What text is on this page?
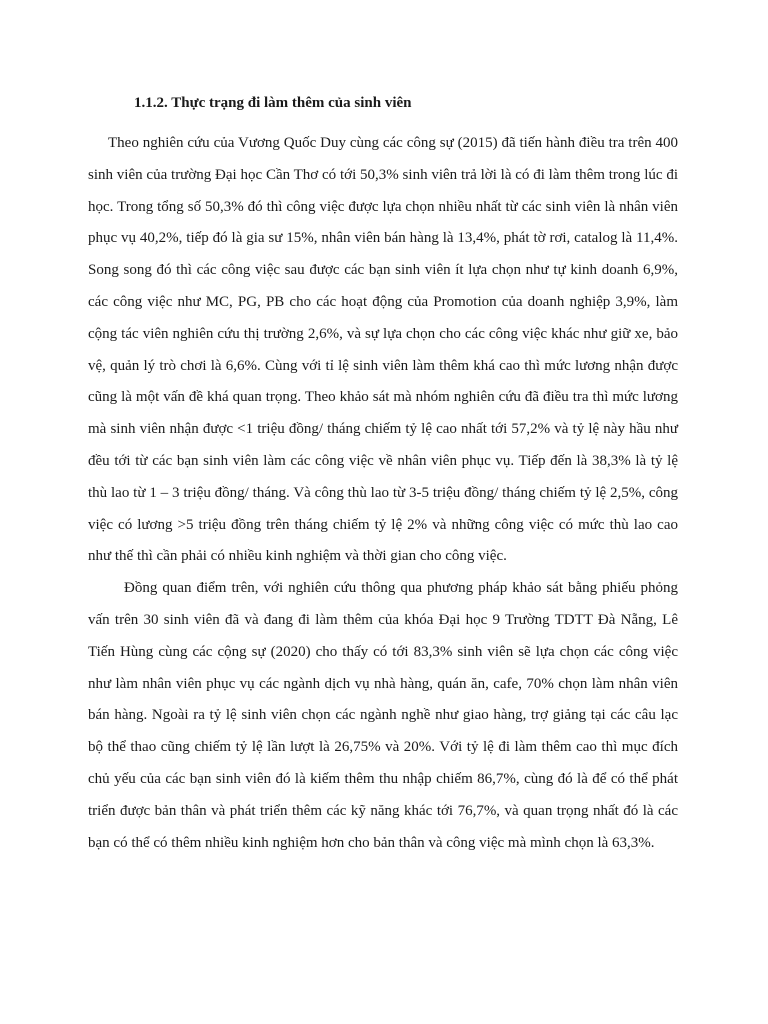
1.1.2. Thực trạng đi làm thêm của sinh viên

Theo nghiên cứu của Vương Quốc Duy cùng các công sự (2015) đã tiến hành điều tra trên 400 sinh viên của trường Đại học Cần Thơ có tới 50,3% sinh viên trả lời là có đi làm thêm trong lúc đi học. Trong tổng số 50,3% đó thì công việc được lựa chọn nhiều nhất từ các sinh viên là nhân viên phục vụ 40,2%, tiếp đó là gia sư 15%, nhân viên bán hàng là 13,4%, phát tờ rơi, catalog là 11,4%. Song song đó thì các công việc sau được các bạn sinh viên ít lựa chọn như tự kinh doanh 6,9%, các công việc như MC, PG, PB cho các hoạt động của Promotion của doanh nghiệp 3,9%, làm cộng tác viên nghiên cứu thị trường 2,6%, và sự lựa chọn cho các công việc khác như giữ xe, bảo vệ, quản lý trò chơi là 6,6%. Cùng với tỉ lệ sinh viên làm thêm khá cao thì mức lương nhận được cũng là một vấn đề khá quan trọng. Theo khảo sát mà nhóm nghiên cứu đã điều tra thì mức lương mà sinh viên nhận được <1 triệu đồng/ tháng chiếm tỷ lệ cao nhất tới 57,2% và tỷ lệ này hầu như đều tới từ các bạn sinh viên làm các công việc về nhân viên phục vụ. Tiếp đến là 38,3% là tỷ lệ thù lao từ 1 – 3 triệu đồng/ tháng. Và công thù lao từ 3-5 triệu đồng/ tháng chiếm tỷ lệ 2,5%, công việc có lương >5 triệu đồng trên tháng chiếm tỷ lệ 2% và những công việc có mức thù lao cao như thế thì cần phải có nhiều kinh nghiệm và thời gian cho công việc.

Đồng quan điểm trên, với nghiên cứu thông qua phương pháp khảo sát bằng phiếu phỏng vấn trên 30 sinh viên đã và đang đi làm thêm của khóa Đại học 9 Trường TDTT Đà Nẵng, Lê Tiến Hùng cùng các cộng sự (2020) cho thấy có tới 83,3% sinh viên sẽ lựa chọn các công việc như làm nhân viên phục vụ các ngành dịch vụ nhà hàng, quán ăn, cafe, 70% chọn làm nhân viên bán hàng. Ngoài ra tỷ lệ sinh viên chọn các ngành nghề như giao hàng, trợ giảng tại các câu lạc bộ thể thao cũng chiếm tỷ lệ lần lượt là 26,75% và 20%. Với tỷ lệ đi làm thêm cao thì mục đích chủ yếu của các bạn sinh viên đó là kiếm thêm thu nhập chiếm 86,7%, cùng đó là để có thể phát triển được bản thân và phát triển thêm các kỹ năng khác tới 76,7%, và quan trọng nhất đó là các bạn có thể có thêm nhiều kinh nghiệm hơn cho bản thân và công việc mà mình chọn là 63,3%.
